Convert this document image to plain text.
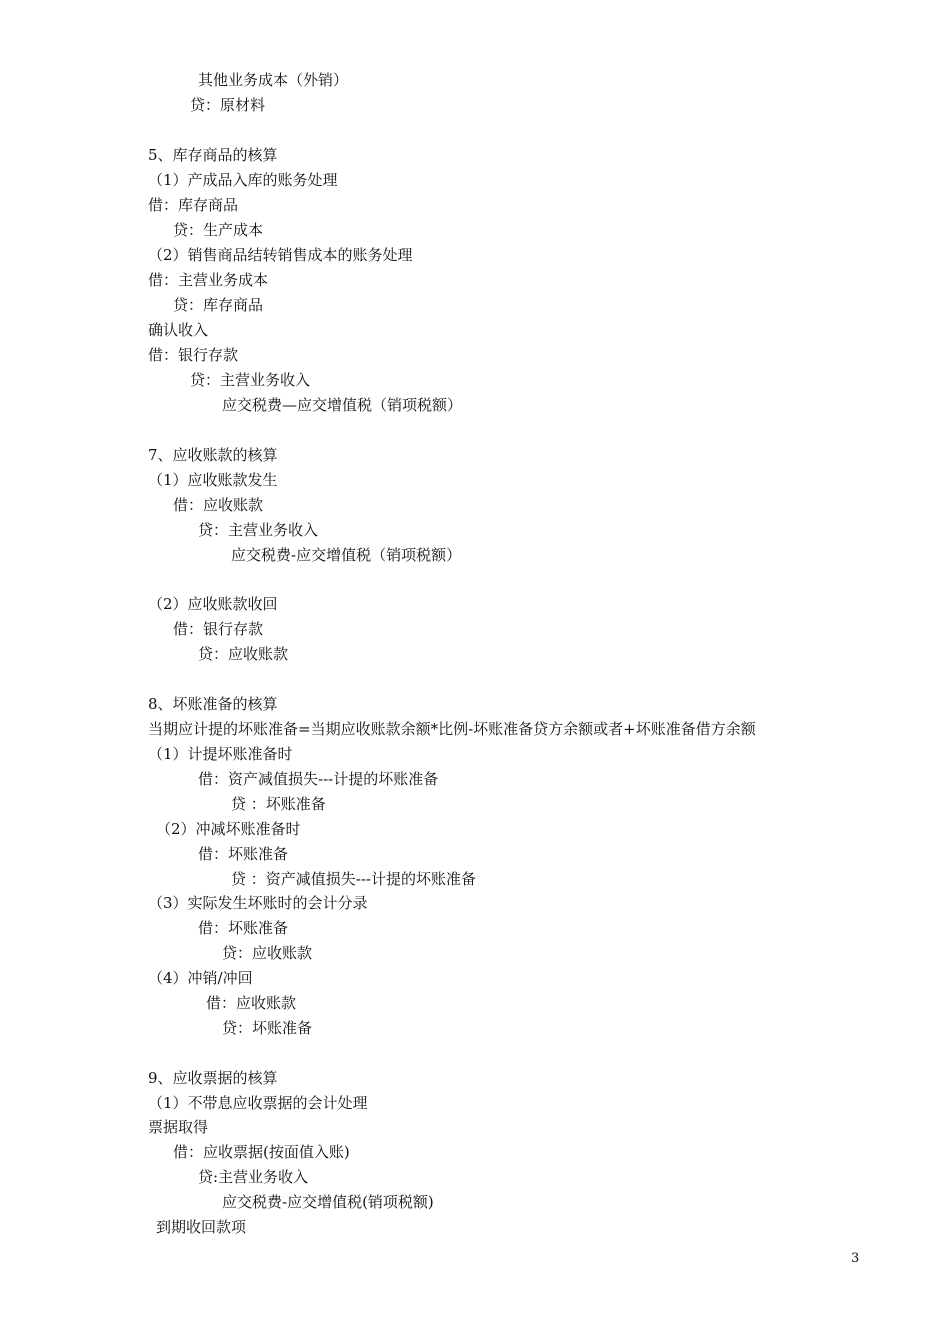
其他业务成本（外销）
贷：原材料
5、库存商品的核算
（1）产成品入库的账务处理
借：库存商品
贷：生产成本
（2）销售商品结转销售成本的账务处理
借：主营业务成本
贷：库存商品
确认收入
借：银行存款
贷：主营业务收入
应交税费—应交增值税（销项税额）
7、应收账款的核算
（1）应收账款发生
借：应收账款
贷：主营业务收入
应交税费-应交增值税（销项税额）
（2）应收账款收回
借：银行存款
贷：应收账款
8、坏账准备的核算
当期应计提的坏账准备=当期应收账款余额*比例-坏账准备贷方余额或者+坏账准备借方余额
（1）计提坏账准备时
借：资产减值损失---计提的坏账准备
贷 ：坏账准备
（2）冲减坏账准备时
借：坏账准备
贷 ：资产减值损失---计提的坏账准备
（3）实际发生坏账时的会计分录
借：坏账准备
贷：应收账款
（4）冲销/冲回
借：应收账款
贷：坏账准备
9、应收票据的核算
（1）不带息应收票据的会计处理
票据取得
借：应收票据(按面值入账)
贷:主营业务收入
应交税费-应交增值税(销项税额)
到期收回款项
3
